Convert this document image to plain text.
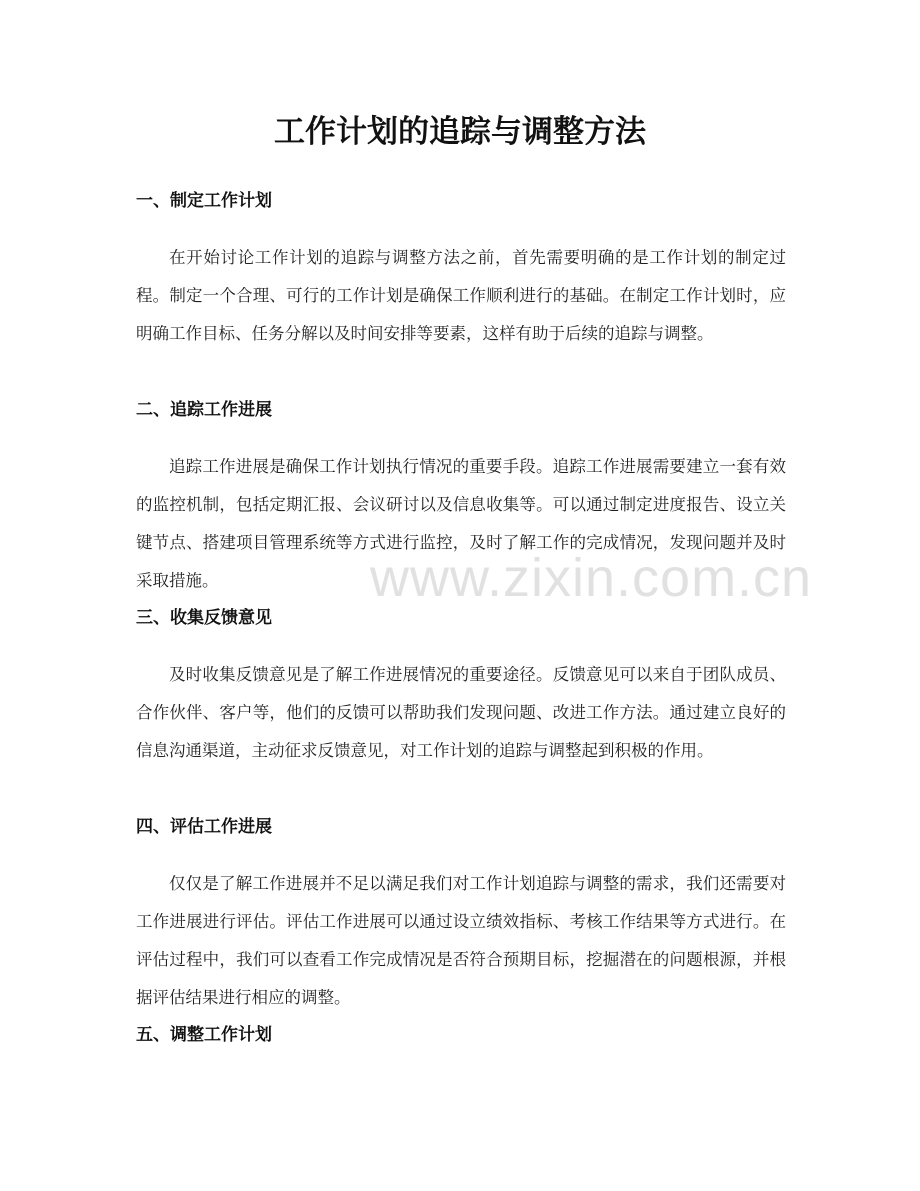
工作计划的追踪与调整方法
一、制定工作计划

在开始讨论工作计划的追踪与调整方法之前，首先需要明确的是工作计划的制定过程。制定一个合理、可行的工作计划是确保工作顺利进行的基础。在制定工作计划时，应明确工作目标、任务分解以及时间安排等要素，这样有助于后续的追踪与调整。

二、追踪工作进展

追踪工作进展是确保工作计划执行情况的重要手段。追踪工作进展需要建立一套有效的监控机制，包括定期汇报、会议研讨以及信息收集等。可以通过制定进度报告、设立关键节点、搭建项目管理系统等方式进行监控，及时了解工作的完成情况，发现问题并及时采取措施。

三、收集反馈意见

及时收集反馈意见是了解工作进展情况的重要途径。反馈意见可以来自于团队成员、合作伙伴、客户等，他们的反馈可以帮助我们发现问题、改进工作方法。通过建立良好的信息沟通渠道，主动征求反馈意见，对工作计划的追踪与调整起到积极的作用。

四、评估工作进展

仅仅是了解工作进展并不足以满足我们对工作计划追踪与调整的需求，我们还需要对工作进展进行评估。评估工作进展可以通过设立绩效指标、考核工作结果等方式进行。在评估过程中，我们可以查看工作完成情况是否符合预期目标，挖掘潜在的问题根源，并根据评估结果进行相应的调整。

五、调整工作计划
www.zixin.com.cn
